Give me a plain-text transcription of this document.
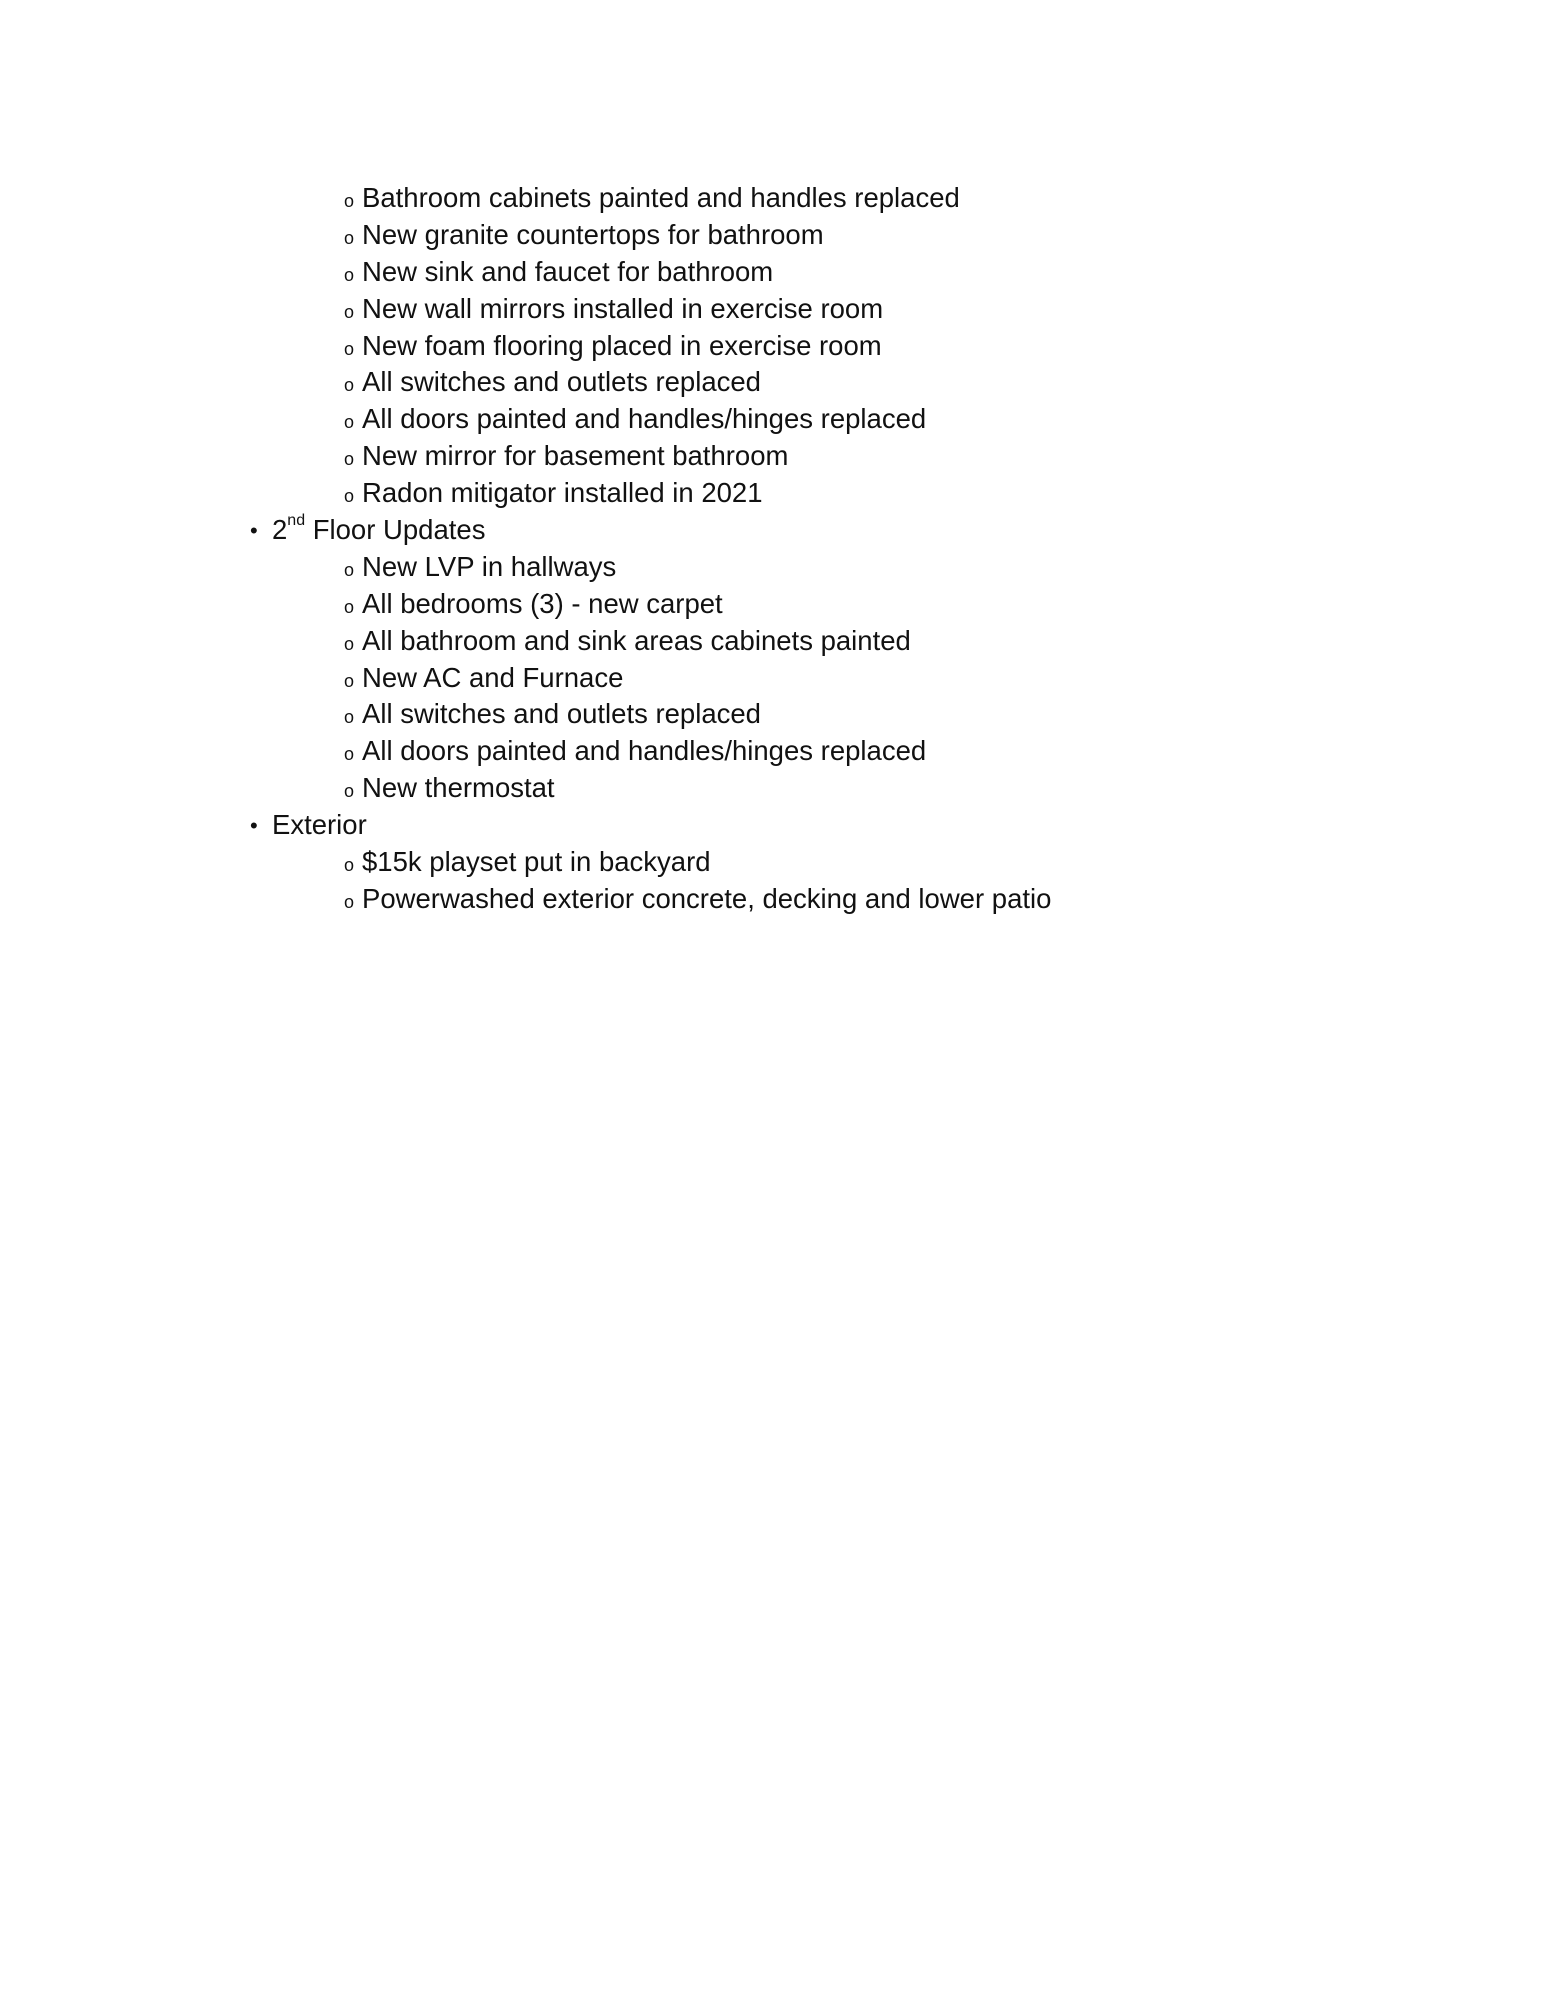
o Bathroom cabinets painted and handles replaced
o New granite countertops for bathroom
o New sink and faucet for bathroom
o New wall mirrors installed in exercise room
o New foam flooring placed in exercise room
o All switches and outlets replaced
o All doors painted and handles/hinges replaced
o New mirror for basement bathroom
o Radon mitigator installed in 2021
• 2nd Floor Updates
o New LVP in hallways
o All bedrooms (3) - new carpet
o All bathroom and sink areas cabinets painted
o New AC and Furnace
o All switches and outlets replaced
o All doors painted and handles/hinges replaced
o New thermostat
• Exterior
o $15k playset put in backyard
o Powerwashed exterior concrete, decking and lower patio
